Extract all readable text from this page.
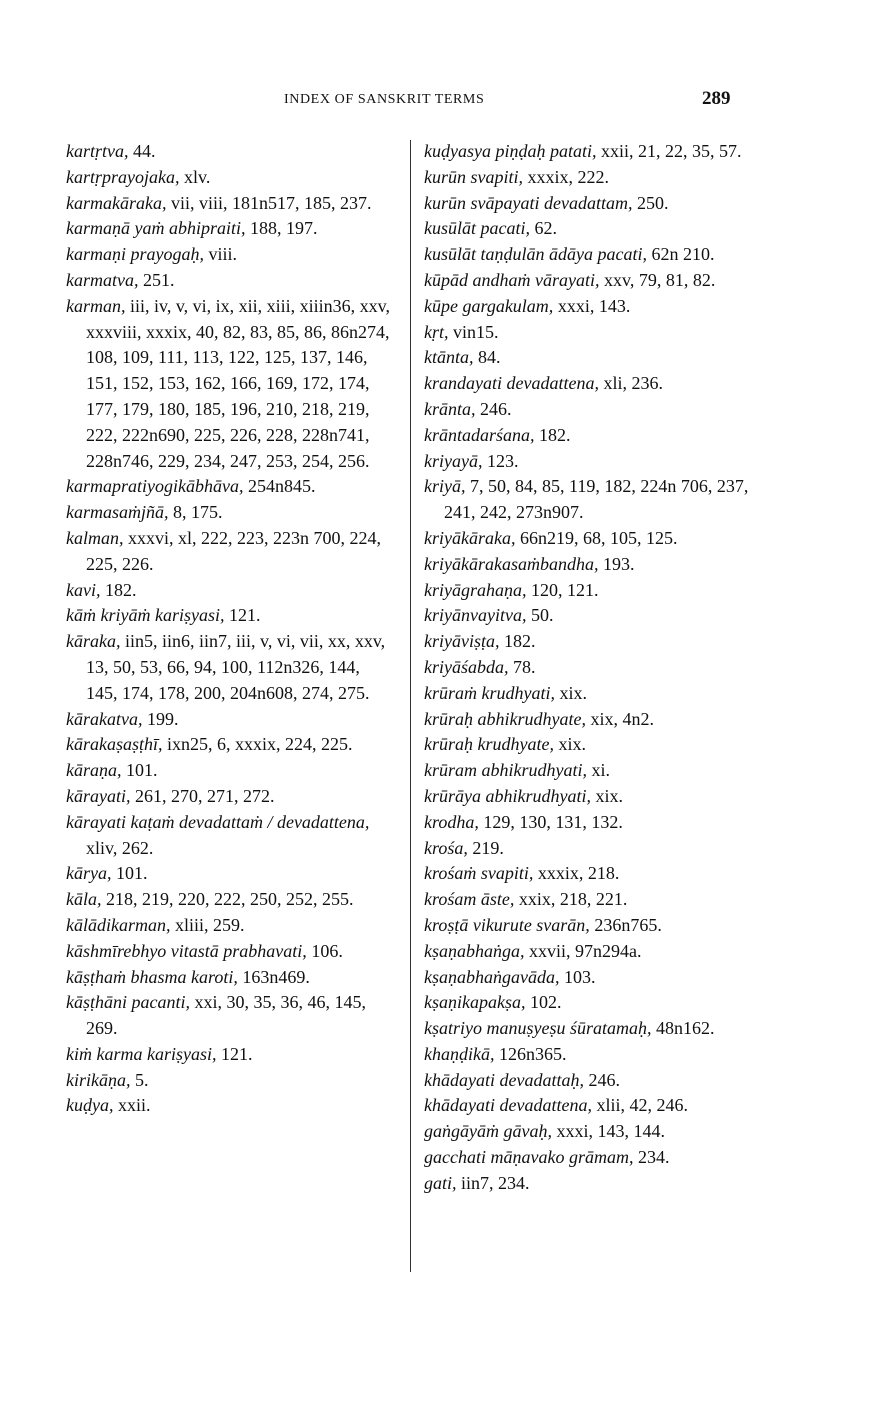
INDEX OF SANSKRIT TERMS	289
kartṛtva, 44.
kartṛprayojaka, xlv.
karmakāraka, vii, viii, 181n517, 185, 237.
karmaṇā yaṁ abhipraiti, 188, 197.
karmaṇi prayogaḥ, viii.
karmatva, 251.
karman, iii, iv, v, vi, ix, xii, xiii, xiiin36, xxv, xxxviii, xxxix, 40, 82, 83, 85, 86, 86n274, 108, 109, 111, 113, 122, 125, 137, 146, 151, 152, 153, 162, 166, 169, 172, 174, 177, 179, 180, 185, 196, 210, 218, 219, 222, 222n690, 225, 226, 228, 228n741, 228n746, 229, 234, 247, 253, 254, 256.
karmapratiyogikābhāva, 254n845.
karmasaṁjñā, 8, 175.
kalman, xxxvi, xl, 222, 223, 223n 700, 224, 225, 226.
kavi, 182.
kāṁ kriyāṁ kariṣyasi, 121.
kāraka, iin5, iin6, iin7, iii, v, vi, vii, xx, xxv, 13, 50, 53, 66, 94, 100, 112n326, 144, 145, 174, 178, 200, 204n608, 274, 275.
kārakatva, 199.
kārakaṣaṣṭhī, ixn25, 6, xxxix, 224, 225.
kāraṇa, 101.
kārayati, 261, 270, 271, 272.
kārayati kaṭaṁ devadattaṁ / devadattena,xliv, 262.
kārya, 101.
kāla, 218, 219, 220, 222, 250, 252, 255.
kālādikarman, xliii, 259.
kāshmīrebhyo vitastā prabhavati, 106.
kāṣṭhaṁ bhasma karoti, 163n469.
kāṣṭhāni pacanti, xxi, 30, 35, 36, 46, 145, 269.
kiṁ karma kariṣyasi, 121.
kirikāṇa, 5.
kuḍya, xxii.
kuḍyasya piṇḍaḥ patati, xxii, 21, 22, 35, 57.
kurūn svapiti, xxxix, 222.
kurūn svāpayati devadattam, 250.
kusūlāt pacati, 62.
kusūlāt taṇḍulān ādāya pacati, 62n 210.
kūpād andhaṁ vārayati, xxv, 79, 81, 82.
kūpe gargakulam, xxxi, 143.
kṛt, vin15.
ktānta, 84.
krandayati devadattena, xli, 236.
krānta, 246.
krāntadarśana, 182.
kriyayā, 123.
kriyā, 7, 50, 84, 85, 119, 182, 224n 706, 237, 241, 242, 273n907.
kriyākāraka, 66n219, 68, 105, 125.
kriyākārakasaṁbandha, 193.
kriyāgrahaṇa, 120, 121.
kriyānvayitva, 50.
kriyāviṣṭa, 182.
kriyāśabda, 78.
krūraṁ krudhyati, xix.
krūraḥ abhikrudhyate, xix, 4n2.
krūraḥ krudhyate, xix.
krūram abhikrudhyati, xi.
krūrāya abhikrudhyati, xix.
krodha, 129, 130, 131, 132.
krośa, 219.
krośaṁ svapiti, xxxix, 218.
krośam āste, xxix, 218, 221.
kroṣṭā vikurute svarān, 236n765.
kṣaṇabhaṅga, xxvii, 97n294a.
kṣaṇabhaṅgavāda, 103.
kṣaṇikapakṣa, 102.
kṣatriyo manuṣyeṣu śūratamaḥ, 48n162.
khaṇḍikā, 126n365.
khādayati devadattaḥ, 246.
khādayati devadattena, xlii, 42, 246.
gaṅgāyāṁ gāvaḥ, xxxi, 143, 144.
gacchati māṇavako grāmam, 234.
gati, iin7, 234.
